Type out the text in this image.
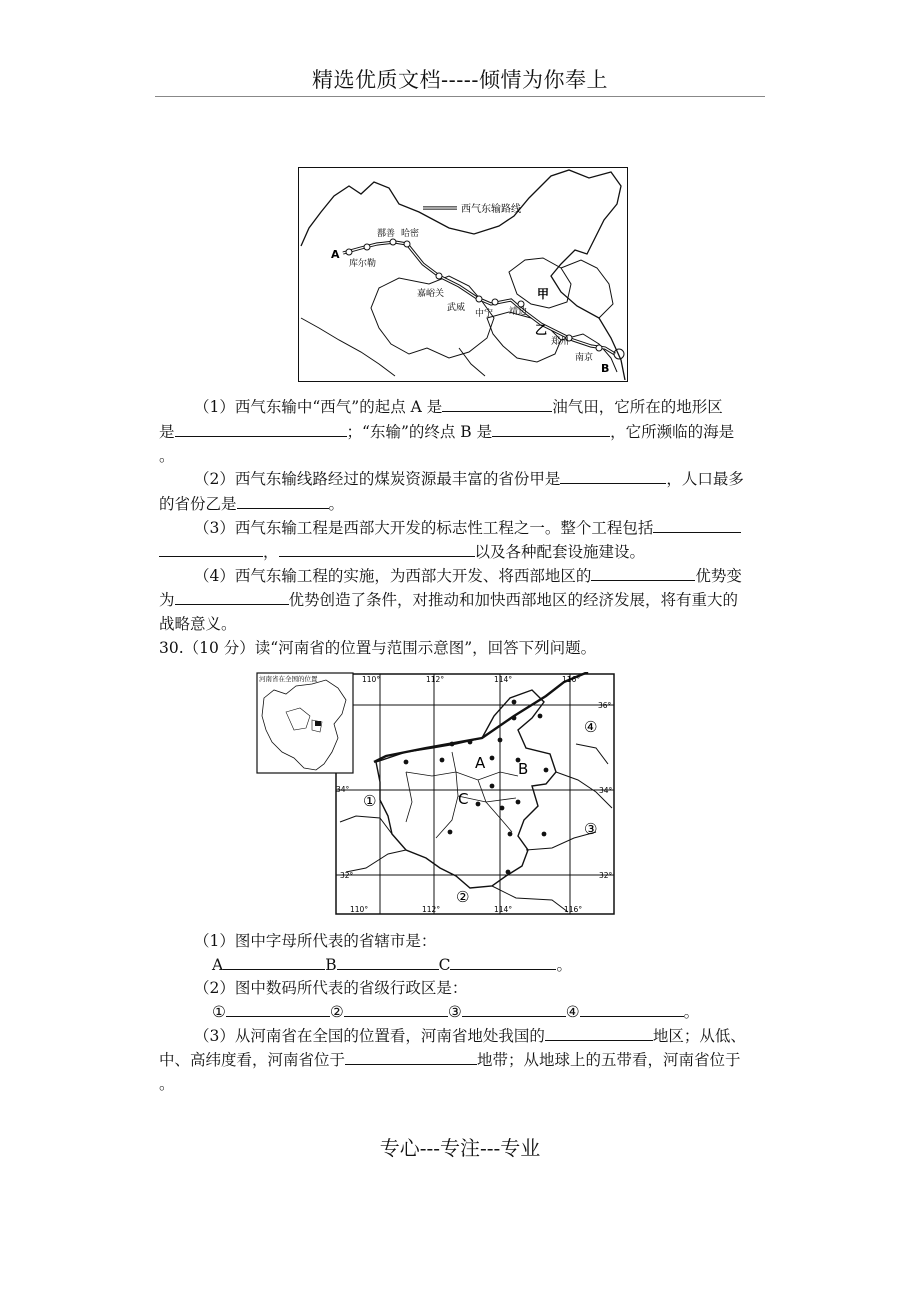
精选优质文档-----倾情为你奉上
西气东输路线
A
库尔勒
鄯善 哈密
嘉峪关
武威
中宁 靖边
甲
乙
郑州
南京
B
（1）西气东输中“西气”的起点 A 是	油气田，它所在的地形区
是	；“东输”的终点 B 是	，它所濒临的海是
。
（2）西气东输线路经过的煤炭资源最丰富的省份甲是	，人口最多
的省份乙是	。
（3）西气东输工程是西部大开发的标志性工程之一。整个工程包括
，	以及各种配套设施建设。
（4）西气东输工程的实施，为西部大开发、将西部地区的	优势变
为	优势创造了条件，对推动和加快西部地区的经济发展，将有重大的
战略意义。
30.（10 分）读“河南省的位置与范围示意图”，回答下列问题。
河南省在全国的位置	110°	112°	114°	116°
110°	112°	114°	116°
36°
34°	34°
32°	32°
A B
C
①
②
③
④
（1）图中字母所代表的省辖市是：
A	B	C	。
（2）图中数码所代表的省级行政区是：
①	②	③	④	。
（3）从河南省在全国的位置看，河南省地处我国的	地区；从低、
中、高纬度看，河南省位于	地带；从地球上的五带看，河南省位于
。
专心---专注---专业
